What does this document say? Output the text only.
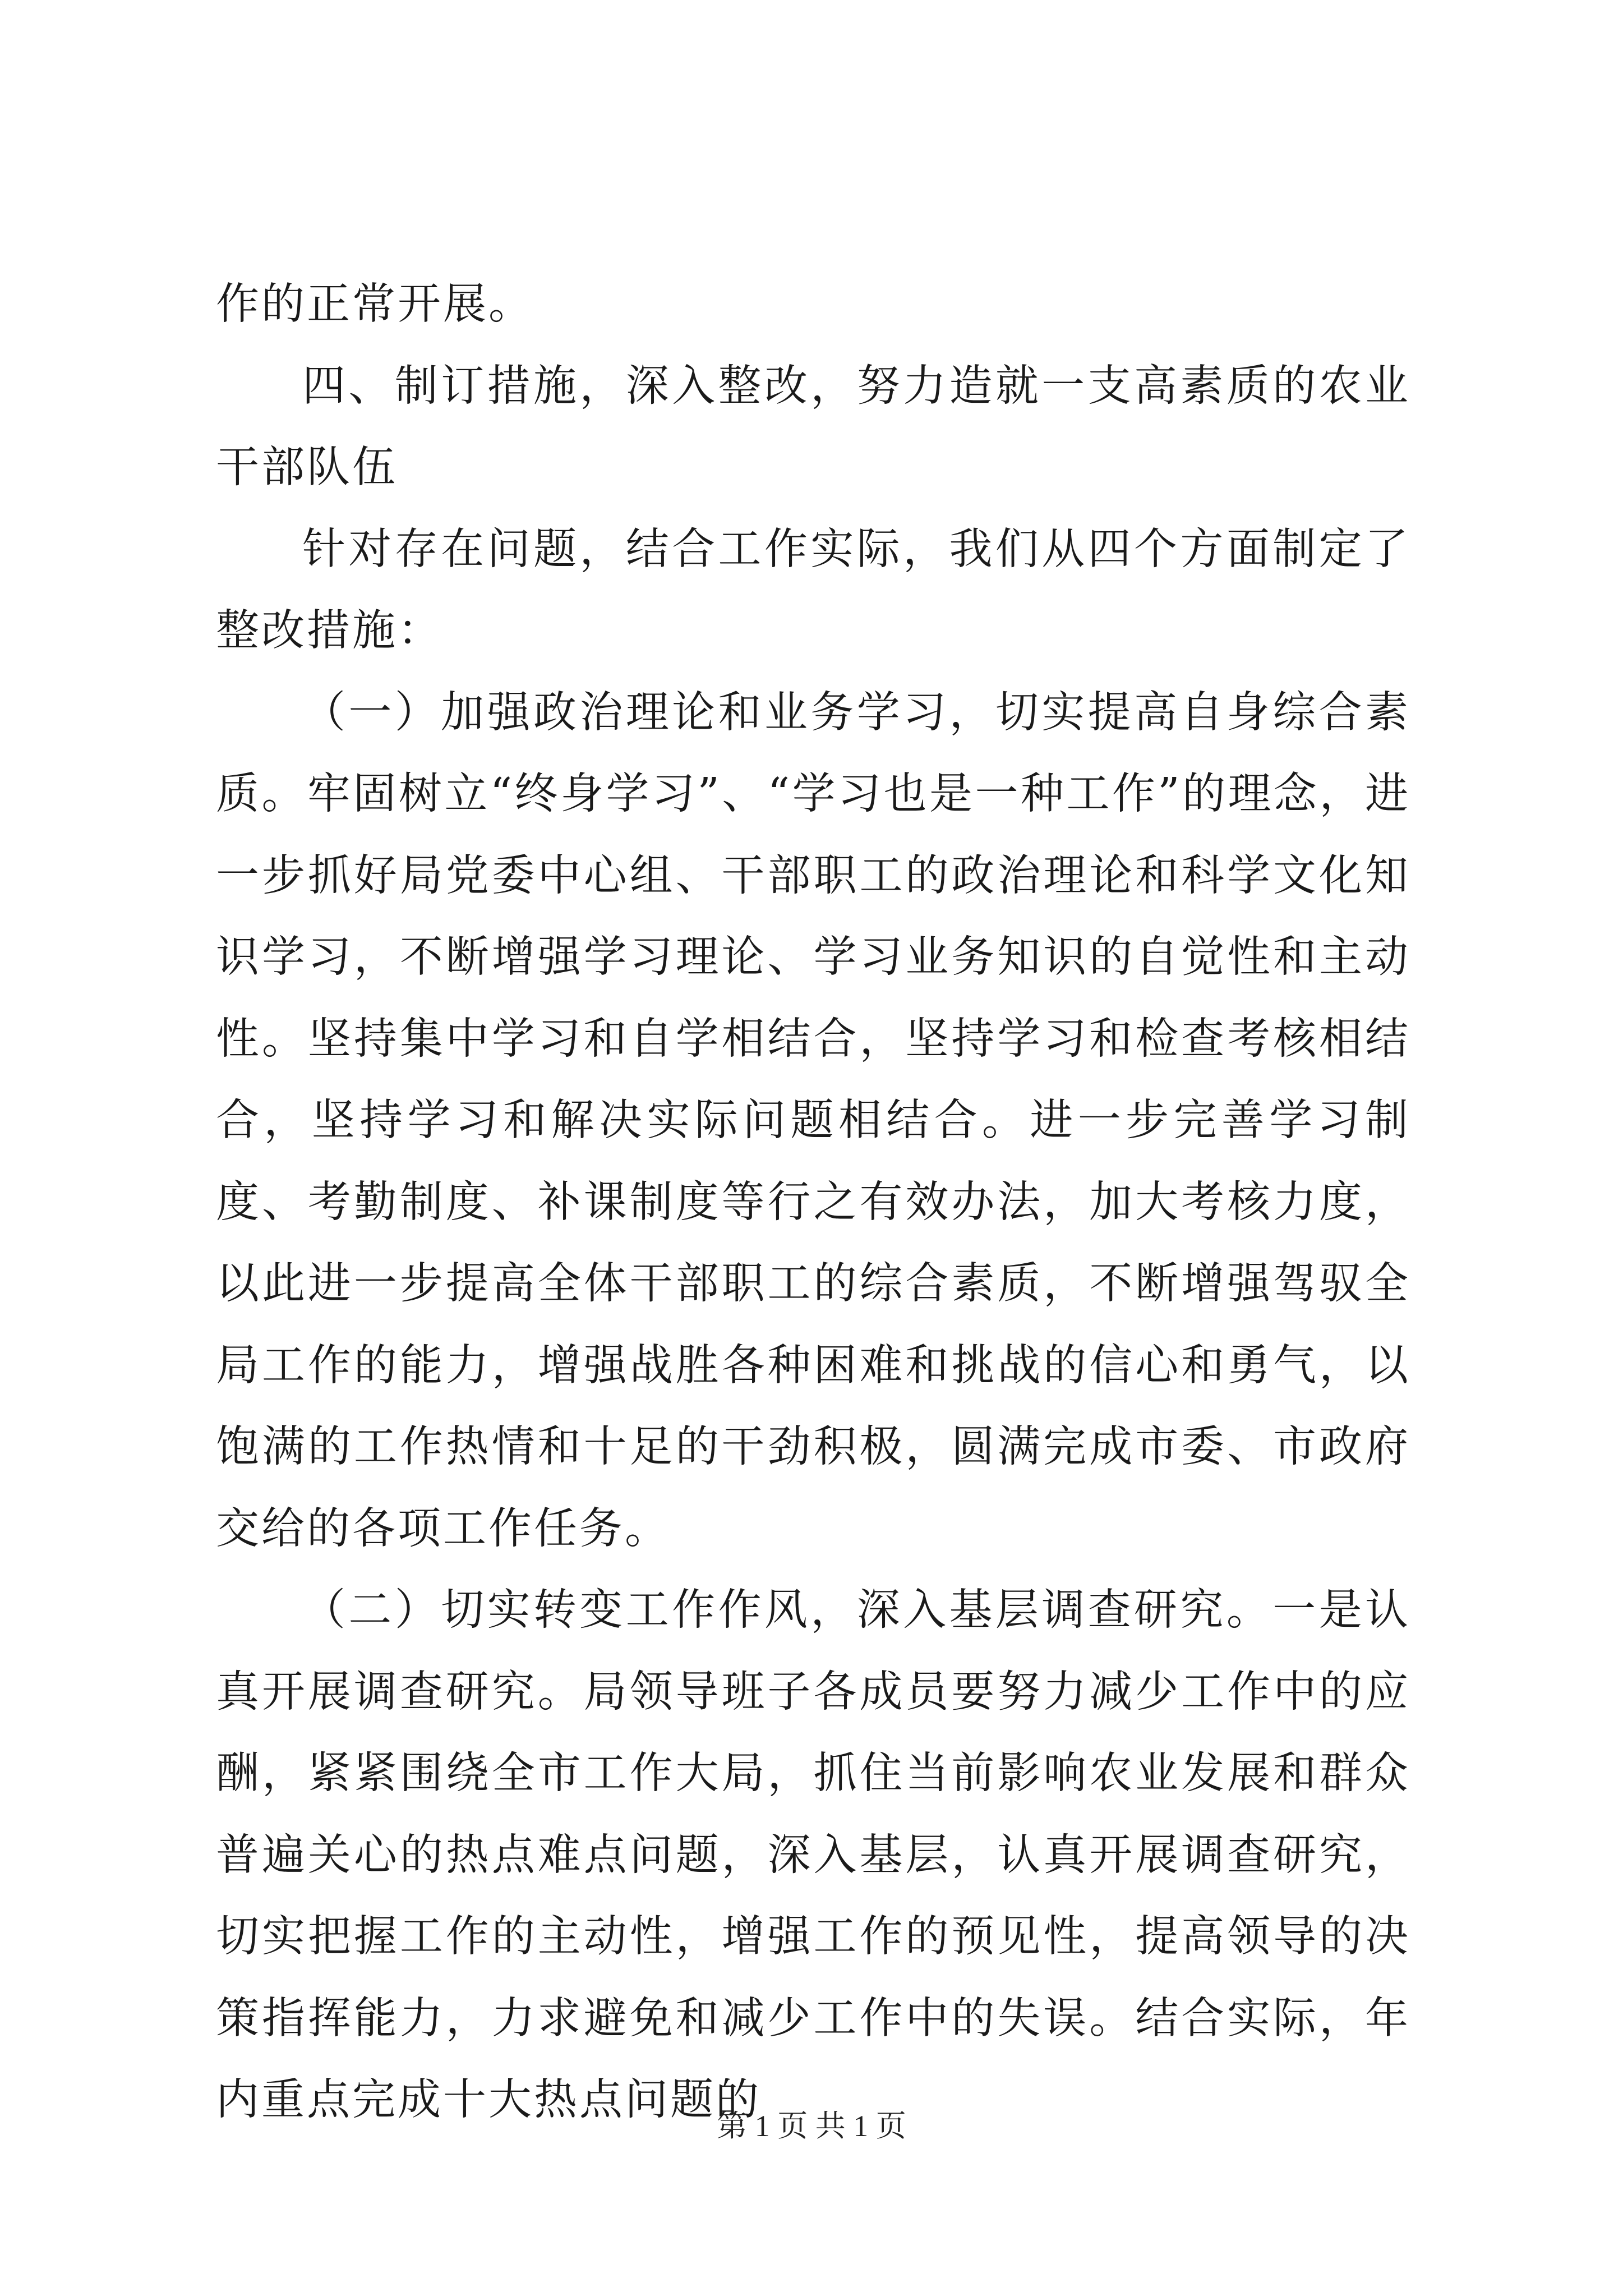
作的正常开展。

四、制订措施，深入整改，努力造就一支高素质的农业干部队伍

针对存在问题，结合工作实际，我们从四个方面制定了整改措施：

（一）加强政治理论和业务学习，切实提高自身综合素质。牢固树立“终身学习”、“学习也是一种工作”的理念，进一步抓好局党委中心组、干部职工的政治理论和科学文化知识学习，不断增强学习理论、学习业务知识的自觉性和主动性。坚持集中学习和自学相结合，坚持学习和检查考核相结合，坚持学习和解决实际问题相结合。进一步完善学习制度、考勤制度、补课制度等行之有效办法，加大考核力度，以此进一步提高全体干部职工的综合素质，不断增强驾驭全局工作的能力，增强战胜各种困难和挑战的信心和勇气，以饱满的工作热情和十足的干劲积极，圆满完成市委、市政府交给的各项工作任务。

（二）切实转变工作作风，深入基层调查研究。一是认真开展调查研究。局领导班子各成员要努力减少工作中的应酬，紧紧围绕全市工作大局，抓住当前影响农业发展和群众普遍关心的热点难点问题，深入基层，认真开展调查研究，切实把握工作的主动性，增强工作的预见性，提高领导的决策指挥能力，力求避免和减少工作中的失误。结合实际，年内重点完成十大热点问题的

第 1 页 共 1 页
